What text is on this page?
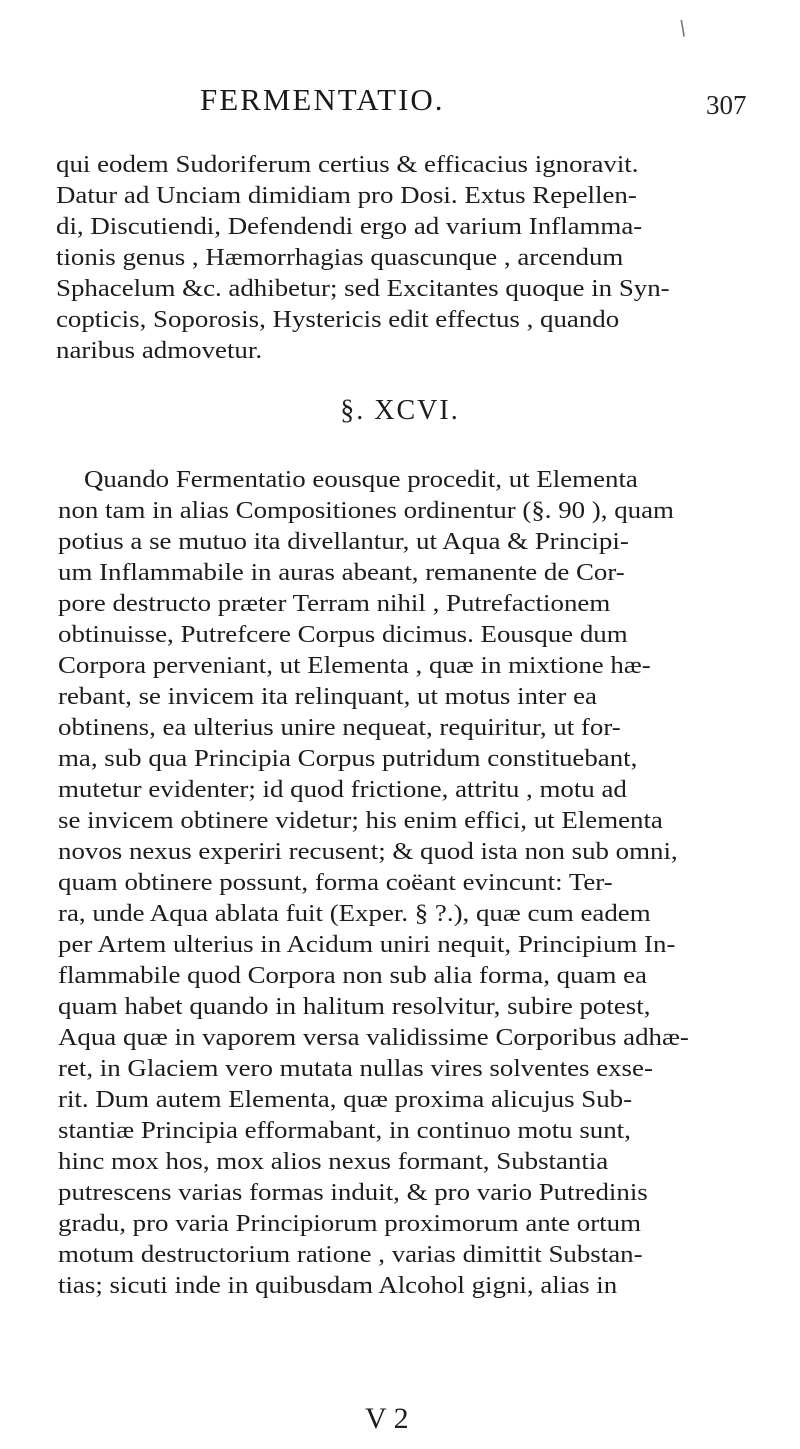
/
FERMENTATIO.	307
qui eodem Sudoriferum certius & efficacius ignoravit.
Datur ad Unciam dimidiam pro Dosi. Extus Repellen-
di, Discutiendi, Defendendi ergo ad varium Inflamma-
tionis genus , Hæmorrhagias quascunque , arcendum
Sphacelum &c. adhibetur; sed Excitantes quoque in Syn-
copticis, Soporosis, Hystericis edit effectus , quando
naribus admovetur.
§. XCVI.
Quando Fermentatio eousque procedit, ut Elementa
non tam in alias Compositiones ordinentur (§. 90 ), quam
potius a se mutuo ita divellantur, ut Aqua & Principi-
um Inflammabile in auras abeant, remanente de Cor-
pore destructo præter Terram nihil , Putrefactionem
obtinuisse, Putrefcere Corpus dicimus. Eousque dum
Corpora perveniant, ut Elementa , quæ in mixtione hæ-
rebant, se invicem ita relinquant, ut motus inter ea
obtinens, ea ulterius unire nequeat, requiritur, ut for-
ma, sub qua Principia Corpus putridum constituebant,
mutetur evidenter; id quod frictione, attritu , motu ad
se invicem obtinere videtur; his enim effici, ut Elementa
novos nexus experiri recusent; & quod ista non sub omni,
quam obtinere possunt, forma coëant evincunt: Ter-
ra, unde Aqua ablata fuit (Exper. § ?.), quæ cum eadem
per Artem ulterius in Acidum uniri nequit, Principium In-
flammabile quod Corpora non sub alia forma, quam ea
quam habet quando in halitum resolvitur, subire potest,
Aqua quæ in vaporem versa validissime Corporibus adhæ-
ret, in Glaciem vero mutata nullas vires solventes exse-
rit. Dum autem Elementa, quæ proxima alicujus Sub-
stantiæ Principia efformabant, in continuo motu sunt,
hinc mox hos, mox alios nexus formant, Substantia
putrescens varias formas induit, & pro vario Putredinis
gradu, pro varia Principiorum proximorum ante ortum
motum destructorium ratione , varias dimittit Substan-
tias; sicuti inde in quibusdam Alcohol gigni, alias in
V 2
